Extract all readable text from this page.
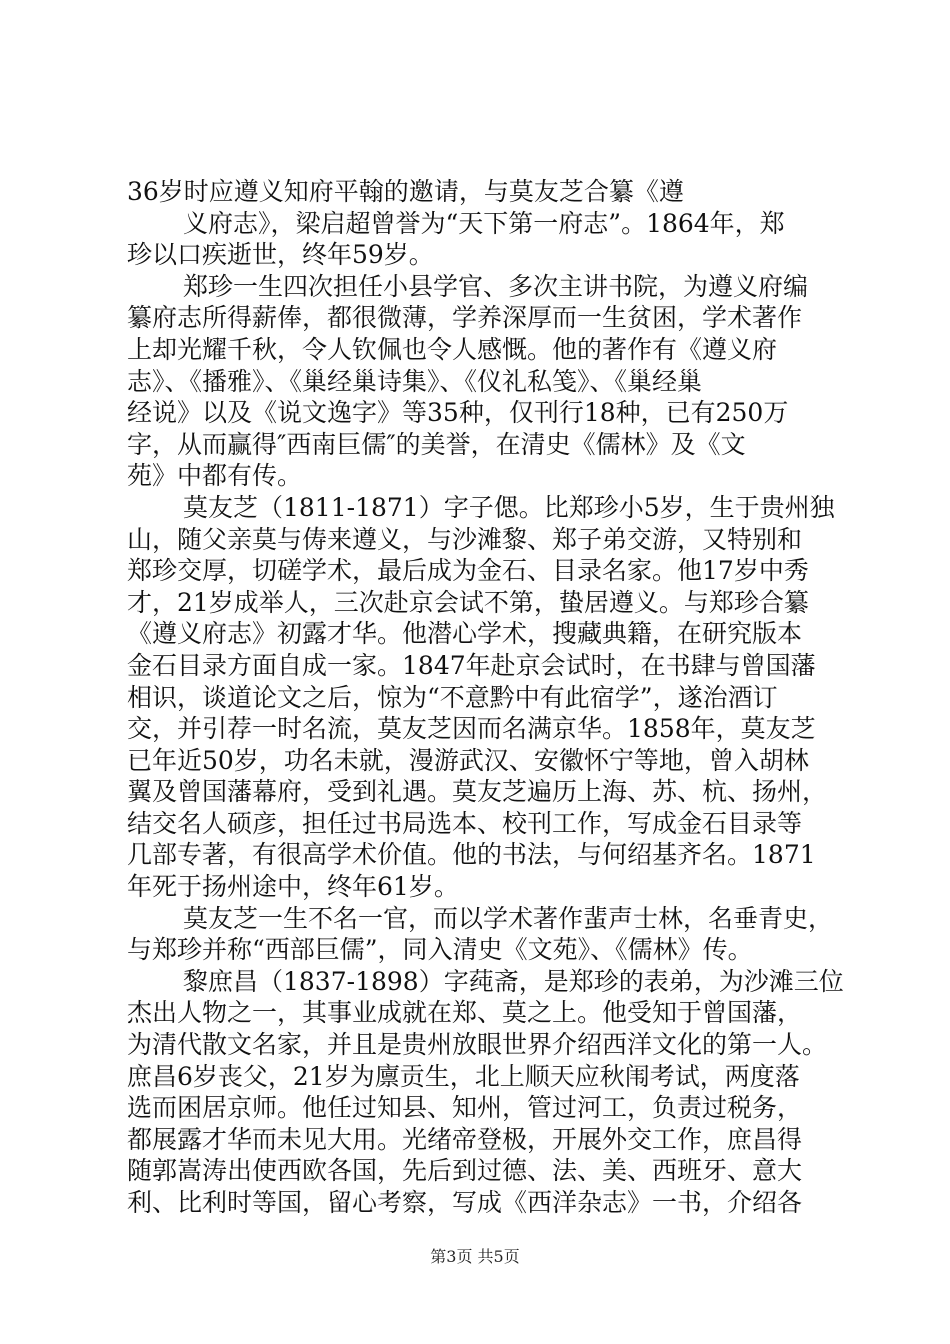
36岁时应遵义知府平翰的邀请，与莫友芝合纂《遵
义府志》，梁启超曾誉为“天下第一府志”。1864年，郑
珍以口疾逝世，终年59岁。
郑珍一生四次担任小县学官、多次主讲书院，为遵义府编
纂府志所得薪俸，都很微薄，学养深厚而一生贫困，学术著作
上却光耀千秋，令人钦佩也令人感慨。他的著作有《遵义府
志》、《播雅》、《巢经巢诗集》、《仪礼私笺》、《巢经巢
经说》以及《说文逸字》等35种，仅刊行18种，已有250万
字，从而赢得″西南巨儒″的美誉，在清史《儒林》及《文
苑》中都有传。
莫友芝（1811-1871）字子偲。比郑珍小5岁，生于贵州独
山，随父亲莫与俦来遵义，与沙滩黎、郑子弟交游，又特别和
郑珍交厚，切磋学术，最后成为金石、目录名家。他17岁中秀
才，21岁成举人，三次赴京会试不第，蛰居遵义。与郑珍合纂
《遵义府志》初露才华。他潜心学术，搜藏典籍，在研究版本
金石目录方面自成一家。1847年赴京会试时，在书肆与曾国藩
相识，谈道论文之后，惊为“不意黔中有此宿学”，遂治酒订
交，并引荐一时名流，莫友芝因而名满京华。1858年，莫友芝
已年近50岁，功名未就，漫游武汉、安徽怀宁等地，曾入胡林
翼及曾国藩幕府，受到礼遇。莫友芝遍历上海、苏、杭、扬州，
结交名人硕彦，担任过书局选本、校刊工作，写成金石目录等
几部专著，有很高学术价值。他的书法，与何绍基齐名。1871
年死于扬州途中，终年61岁。
莫友芝一生不名一官，而以学术著作蜚声士林，名垂青史，
与郑珍并称“西部巨儒”，同入清史《文苑》、《儒林》传。
黎庶昌（1837-1898）字莼斋，是郑珍的表弟，为沙滩三位
杰出人物之一，其事业成就在郑、莫之上。他受知于曾国藩，
为清代散文名家，并且是贵州放眼世界介绍西洋文化的第一人。
庶昌6岁丧父，21岁为廪贡生，北上顺天应秋闱考试，两度落
选而困居京师。他任过知县、知州，管过河工，负责过税务，
都展露才华而未见大用。光绪帝登极，开展外交工作，庶昌得
随郭嵩涛出使西欧各国，先后到过德、法、美、西班牙、意大
利、比利时等国，留心考察，写成《西洋杂志》一书，介绍各
第3页 共5页
